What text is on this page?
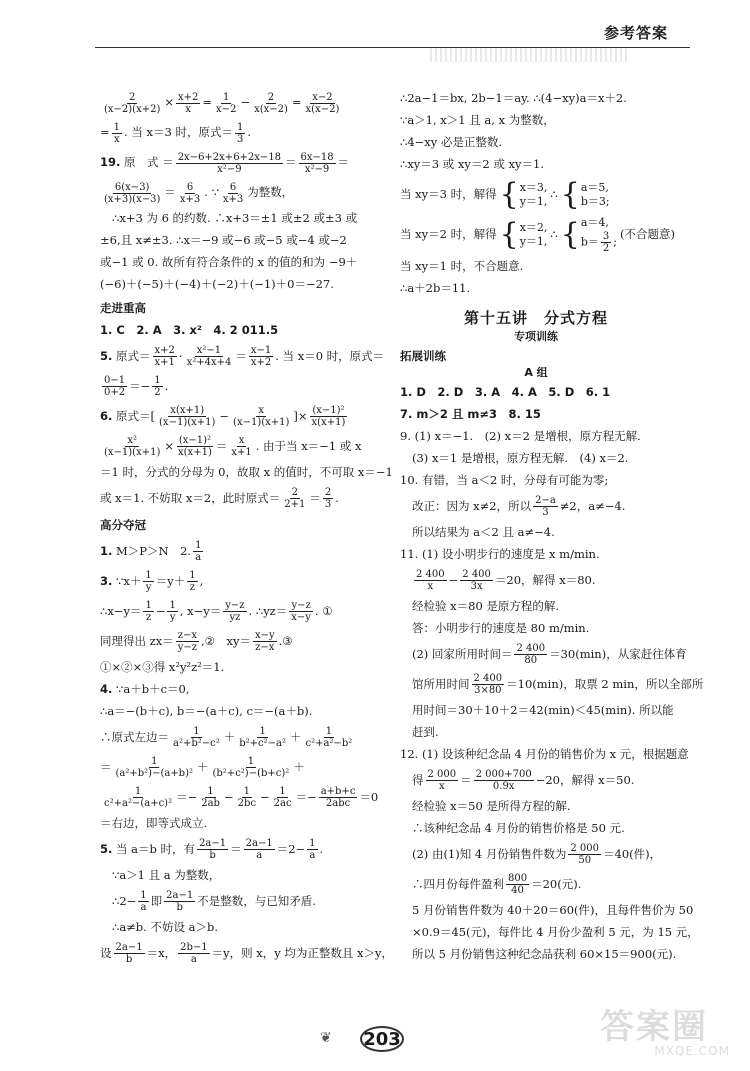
参考答案
$\frac{2}{(x-2)(x+2)} \times \frac{x+2}{x} = \frac{1}{x-2} - \frac{2}{x(x-2)} = \frac{x-2}{x(x-2)}$
= $\frac{1}{x}$ . 当 x＝3 时，原式＝ $\frac{1}{3}$ .
19.
原　式 ＝ $\frac{2x-6+2x+6+2x-18}{\text{x²−9}} = \frac{6x-18}{\text{x²−9}}$ ＝
$\frac{6(x-3)}{(x+3)(x-3)} = \frac{6}{x+3}$ . ∵ $\frac{6}{x+3}$ 为整数，
∴x+3 为 6 的约数. ∴x+3＝±1 或±2 或±3 或
±6,且 x≠±3. ∴x＝−9 或−6 或−5 或−4 或−2
或−1 或 0. 故所有符合条件的 x 的值的和为 −9＋
(−6)＋(−5)＋(−4)＋(−2)＋(−1)＋0＝−27.
走进重高
1. C　2. A　3. x²　4. 2 011.5
5.
原式＝ $\frac{x+2}{x+1} \cdot \frac{\text{x²−1}}{\text{x²+4x+4}} = \frac{x-1}{x+2}$ . 当 x＝0 时，原式＝
$\frac{0-1}{0+2} =- \frac{1}{2}$ .
6.
原式＝[ $\frac{x(x+1)}{(x-1)(x+1)} - \frac{x}{(x-1)(x+1)}$ ]× $\frac{\text{(x−1)²}}{x(x+1)}$
$\frac{\text{x²}}{(x-1)(x+1)} \times \frac{\text{(x−1)²}}{x(x+1)} = \frac{x}{x+1}$ . 由于当 x＝−1 或 x
＝1 时，分式的分母为 0，故取 x 的值时，不可取 x＝−1
或 x＝1. 不妨取 x＝2，此时原式＝ $\frac{2}{2+1} = \frac{2}{3}$ .
高分夺冠
1.
M＞P＞N　2. $\frac{1}{a}$
3.
∵x＋ $\frac{1}{y} =y+ \frac{1}{z}$ ,
∴x−y＝ $\frac{1}{z} - \frac{1}{y}$ , $x-y= \frac{y-z}{yz}$ . ∴yz＝ $\frac{y-z}{x-y}$ . ①
同理得出 $zx= \frac{z-x}{y-z}$ ,②　$xy= \frac{x-y}{z-x}$ .③
①×②×③得 x²y²z²＝1.
4.
∵a＋b＋c＝0,
∴a＝−(b＋c), b＝−(a＋c), c＝−(a＋b).
∴原式左边＝ $\frac{1}{\text{a²+b²−c²}} + \frac{1}{\text{b²+c²−a²}} + \frac{1}{\text{c²+a²−b²}}$
＝ $\frac{1}{\text{(a²+b²)−(a+b)²}} + \frac{1}{\text{(b²+c²)−(b+c)²}}$ ＋
$\frac{1}{\text{c²+a²−(a+c)²}} =- \frac{1}{2ab} - \frac{1}{2bc} - \frac{1}{2ac} =- \frac{a+b+c}{\text{2abc}} =0$
＝右边，即等式成立.
5.
当 a＝b 时，有 $\frac{2a-1}{b} = \frac{2a-1}{a} =2- \frac{1}{a}$ .
∵a＞1 且 a 为整数，
∴2− $\frac{1}{a}$ 即 $\frac{2a-1}{b}$ 不是整数，与已知矛盾.
∴a≠b. 不妨设 a＞b.
设 $\frac{2a-1}{b} =x$， $\frac{2b-1}{a} =y$，则 x，y 均为正整数且 x＞y，
∴2a−1＝bx, 2b−1＝ay. ∴(4−xy)a＝x＋2.
∵a＞1, x＞1 且 a, x 为整数，
∴4−xy 必是正整数.
∴xy＝3 或 xy＝2 或 xy＝1.
当 xy＝3 时，解得 { x＝3,
y＝1,
∴ { a＝5,
b＝3;
当 xy＝2 时，解得 { x＝2,
y＝1,
∴ { a＝4,
$b= \frac{3}{2}$ ;
(不合题意)
当 xy＝1 时，不合题意.
∴a＋2b＝11.
第十五讲　分式方程
专项训练
拓展训练
A 组
1. D　2. D　3. A　4. A　5. D　6. 1
7. m＞2 且 m≠3　8. 15
9. (1) x＝−1.　(2) x＝2 是增根，原方程无解.
(3) x＝1 是增根，原方程无解.　(4) x＝2.
10. 有错，当 a＜2 时，分母有可能为零;
改正：因为 x≠2，所以 $\frac{2-a}{3} \ne 2$，a≠−4.
所以结果为 a＜2 且 a≠−4.
11. (1) 设小明步行的速度是 x m/min.
$\frac{2 400}{x} - \frac{2 400}{3x} =20$，解得 x＝80.
经检验 x＝80 是原方程的解.
答：小明步行的速度是 80 m/min.
(2) 回家所用时间＝ $\frac{2 400}{80} =30(\min)$，从家赶往体育
馆所用时间 $\frac{2 400}{3\times 80} =10(\min)$，取票 2 min，所以全部所
用时间＝30＋10＋2＝42(min)＜45(min). 所以能
赶到.
12. (1) 设该种纪念品 4 月份的销售价为 x 元，根据题意
得 $\frac{2 000}{x} = \frac{2 000+700}{0.9x} -20$，解得 x＝50.
经检验 x＝50 是所得方程的解.
∴该种纪念品 4 月份的销售价格是 50 元.
(2) 由(1)知 4 月份销售件数为 $\frac{2 000}{50} =40$(件)，
∴四月份每件盈利 $\frac{800}{40} =20$(元).
5 月份销售件数为 40＋20＝60(件)，且每件售价为 50
×0.9＝45(元)，每件比 4 月份少盈利 5 元，为 15 元，
所以 5 月份销售这种纪念品获利 60×15＝900(元).
❦	203	答案圈
MXQE.COM
